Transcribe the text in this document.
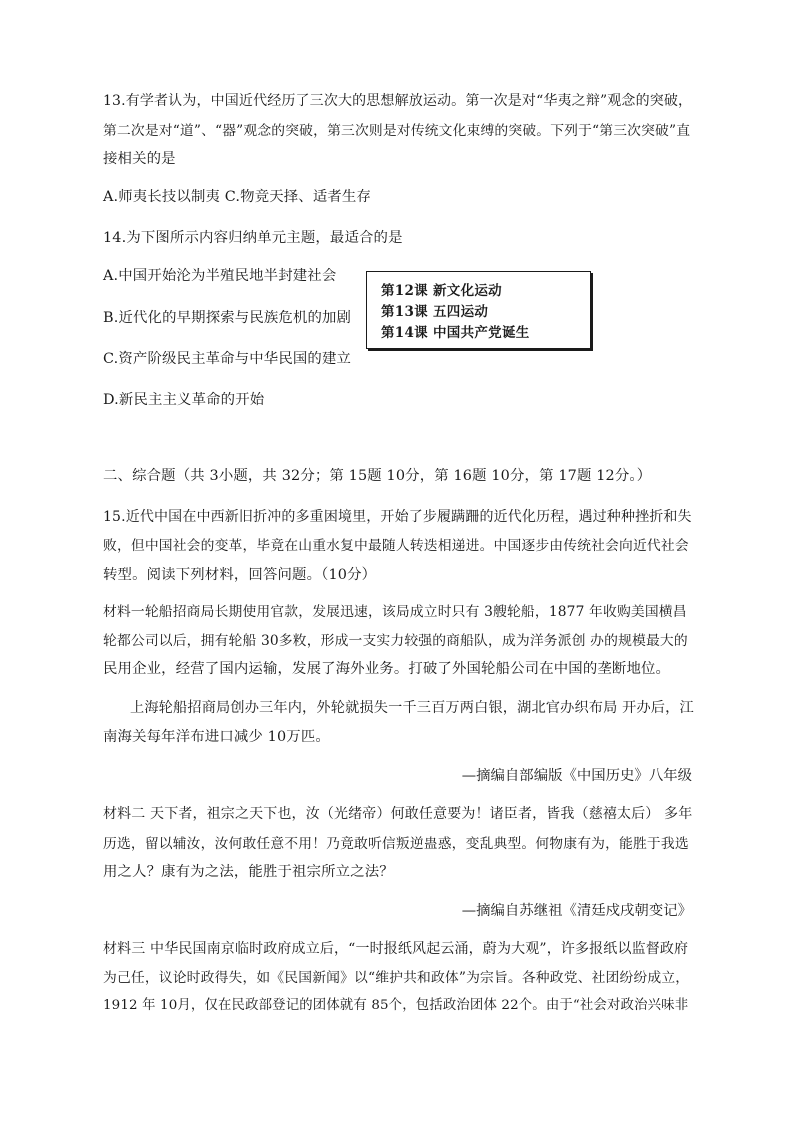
13.有学者认为，中国近代经历了三次大的思想解放运动。第一次是对“华夷之辩”观念的突破，
第二次是对“道”、“器”观念的突破，第三次则是对传统文化束缚的突破。下列于“第三次突破”直
接相关的是
A.师夷长技以制夷 C.物竞天择、适者生存
14.为下图所示内容归纳单元主题，最适合的是
A.中国开始沦为半殖民地半封建社会
B.近代化的早期探索与民族危机的加剧
C.资产阶级民主革命与中华民国的建立
D.新民主主义革命的开始
第12课 新文化运动
第13课 五四运动
第14课 中国共产党诞生
二、综合题（共 3小题，共 32分；第 15题 10分，第 16题 10分，第 17题 12分。）
15.近代中国在中西新旧折冲的多重困境里，开始了步履蹒跚的近代化历程，遇过种种挫折和失
败，但中国社会的变革，毕竟在山重水复中最随人转迭相递进。中国逐步由传统社会向近代社会
转型。阅读下列材料，回答问题。（10分）
材料一轮船招商局长期使用官款，发展迅速，该局成立时只有 3艘轮船，1877 年收购美国横昌
轮都公司以后，拥有轮船 30多敉，形成一支实力较强的商船队，成为洋务派创 办的规模最大的
民用企业，经营了国内运输，发展了海外业务。打破了外国轮船公司在中国的垄断地位。
上海轮船招商局创办三年内，外轮就损失一千三百万两白银，湖北官办织布局 开办后，江
南海关每年洋布进口减少 10万匹。
—摘编自部编版《中国历史》八年级
材料二 天下者，祖宗之天下也，汝（光绪帝）何敢任意要为！诸臣者，皆我（慈禧太后） 多年
历选，留以辅汝，汝何敢任意不用！乃竟敢听信叛逆蛊惑，变乱典型。何物康有为，能胜于我选
用之人？康有为之法，能胜于祖宗所立之法？
—摘编自苏继祖《清廷戍戌朝变记》
材料三 中华民国南京临时政府成立后，“一时报纸风起云涌，蔚为大观”，许多报纸以监督政府
为己任，议论时政得失，如《民国新闻》以“维护共和政体”为宗旨。各种政党、社团纷纷成立，
1912 年 10月，仅在民政部登记的团体就有 85个，包括政治团体 22个。由于“社会对政治兴味非
